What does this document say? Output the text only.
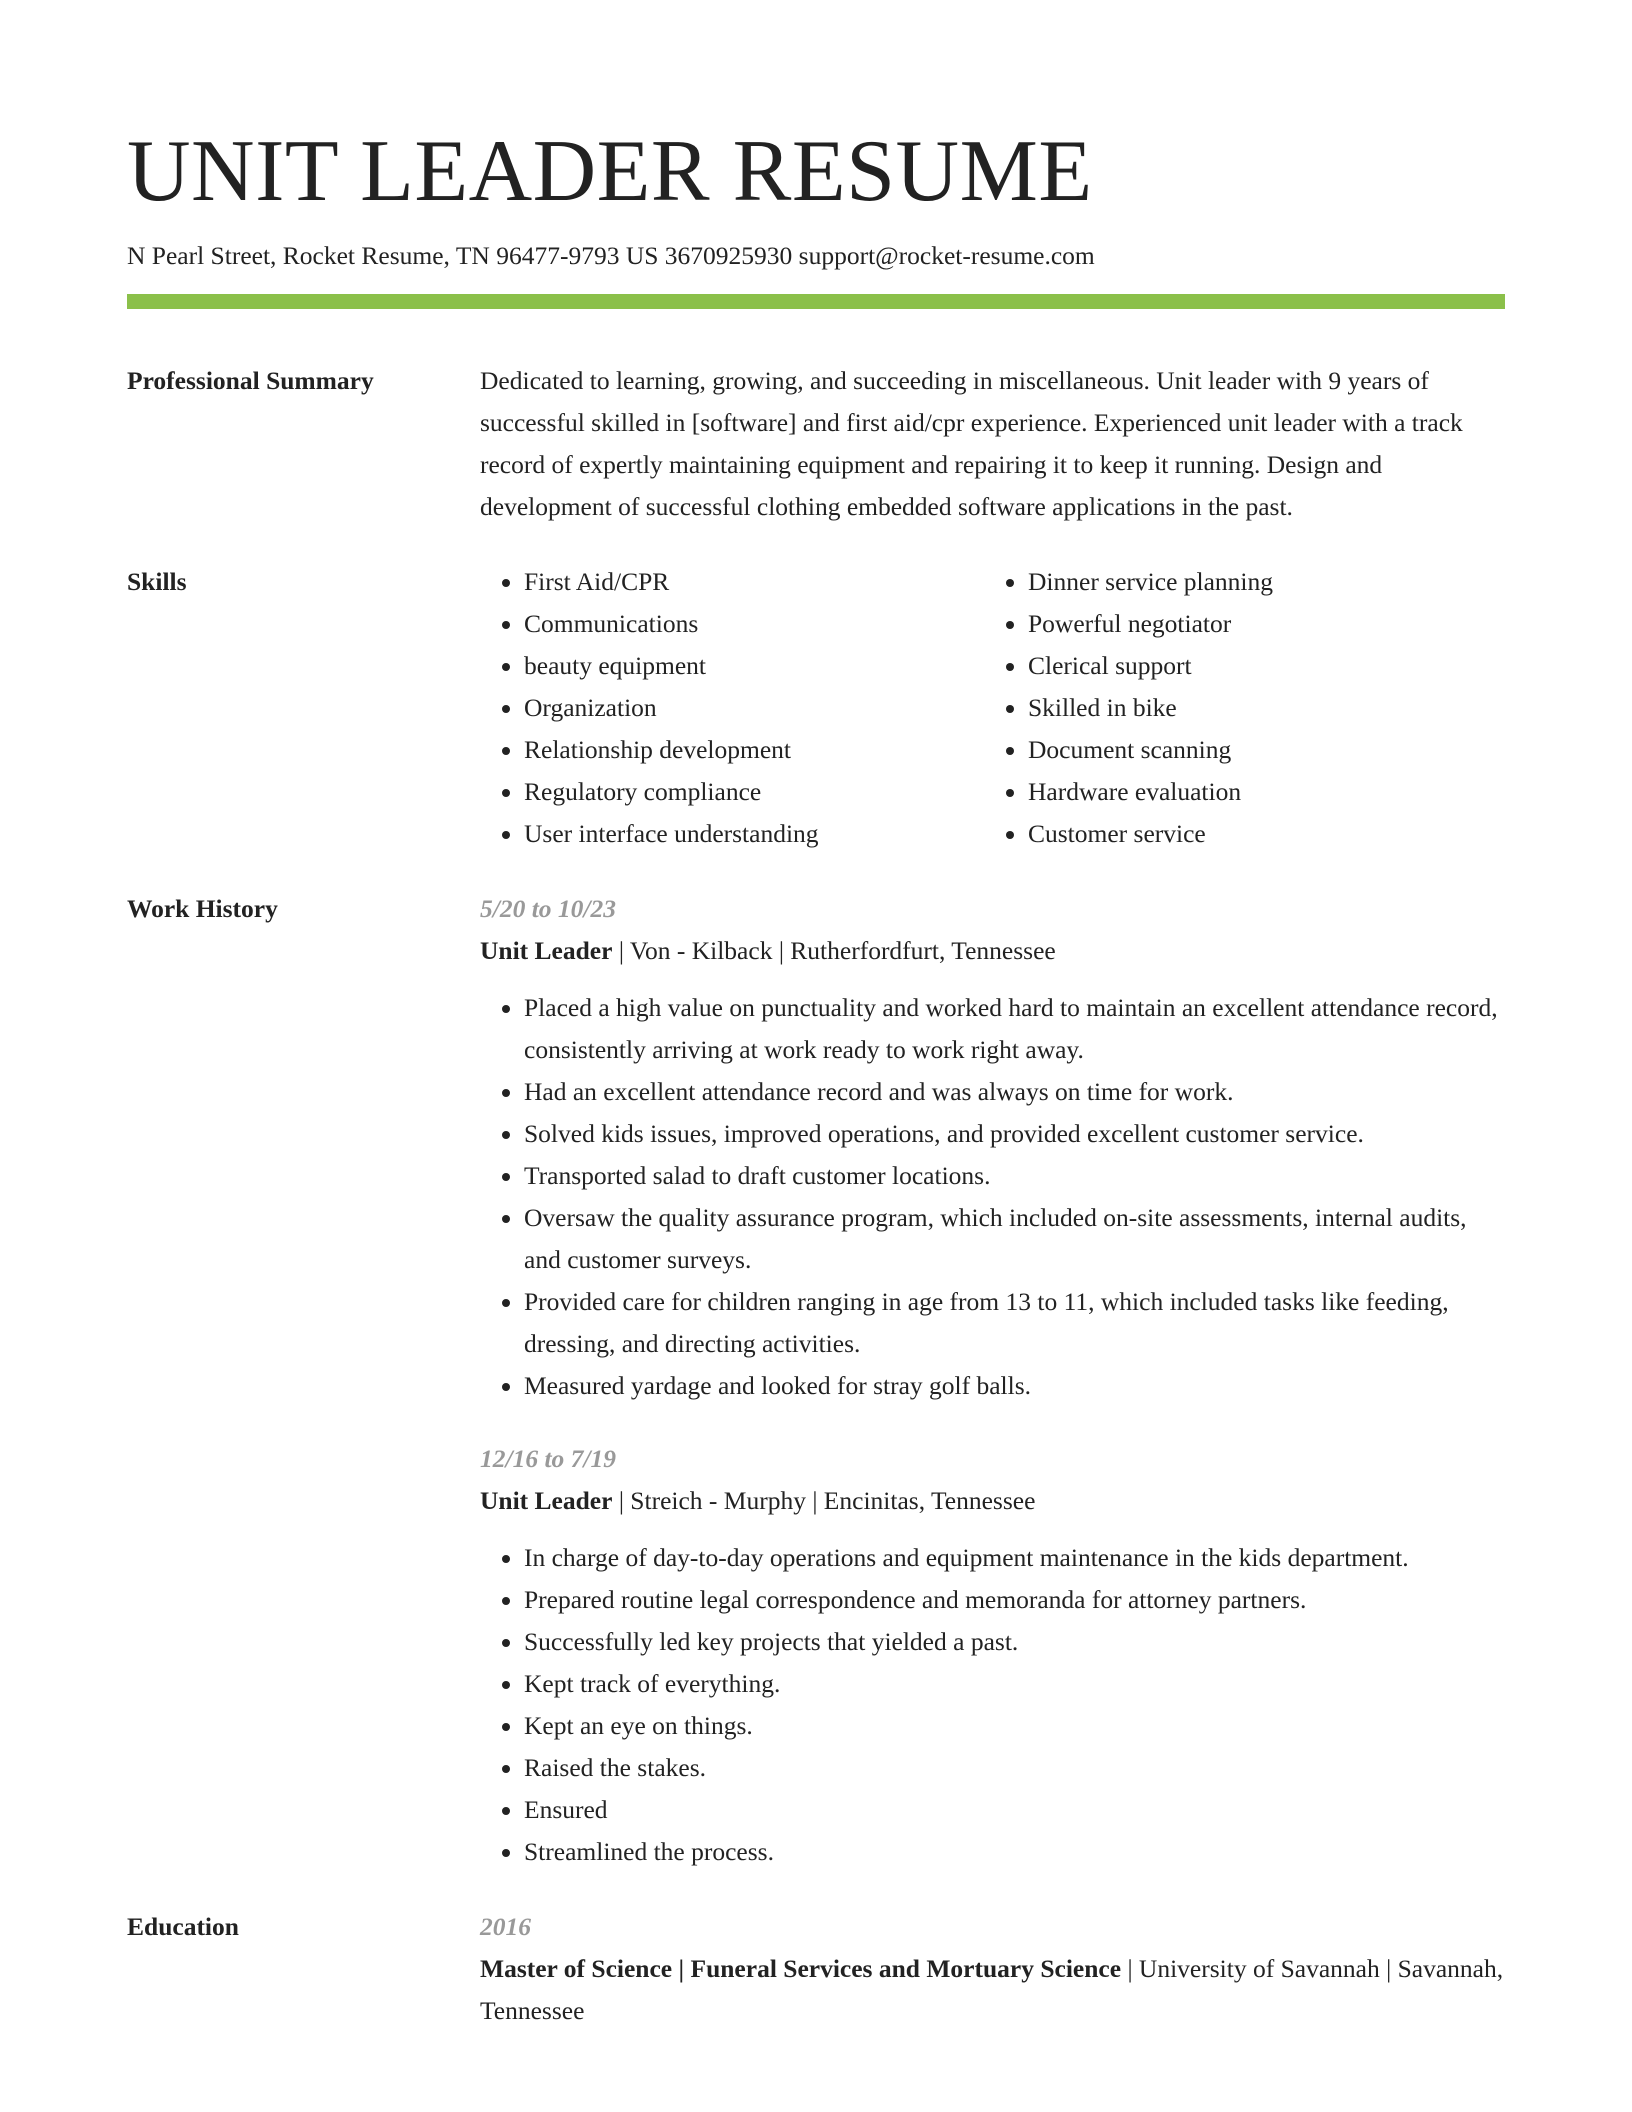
UNIT LEADER RESUME
N Pearl Street, Rocket Resume, TN 96477-9793 US 3670925930 support@rocket-resume.com
Professional Summary	Dedicated to learning, growing, and succeeding in miscellaneous. Unit leader with 9 years of successful skilled in [software] and first aid/cpr experience. Experienced unit leader with a track record of expertly maintaining equipment and repairing it to keep it running. Design and development of successful clothing embedded software applications in the past.
Skills
•	First Aid/CPR
• Communications
• beauty equipment
• Organization
• Relationship development
• Regulatory compliance
• User interface understanding
• Dinner service planning
• Powerful negotiator
• Clerical support
• Skilled in bike
• Document scanning
• Hardware evaluation
• Customer service
Work History	5/20 to 10/23
Unit Leader | Von - Kilback | Rutherfordfurt, Tennessee
• Placed a high value on punctuality and worked hard to maintain an excellent attendance record, consistently arriving at work ready to work right away.
• Had an excellent attendance record and was always on time for work.
• Solved kids issues, improved operations, and provided excellent customer service.
• Transported salad to draft customer locations.
• Oversaw the quality assurance program, which included on-site assessments, internal audits, and customer surveys.
• Provided care for children ranging in age from 13 to 11, which included tasks like feeding, dressing, and directing activities.
• Measured yardage and looked for stray golf balls.
12/16 to 7/19
Unit Leader | Streich - Murphy | Encinitas, Tennessee
• In charge of day-to-day operations and equipment maintenance in the kids department.
• Prepared routine legal correspondence and memoranda for attorney partners.
• Successfully led key projects that yielded a past.
• Kept track of everything.
• Kept an eye on things.
• Raised the stakes.
• Ensured
• Streamlined the process.
Education	2016
Master of Science | Funeral Services and Mortuary Science | University of Savannah | Savannah, Tennessee
